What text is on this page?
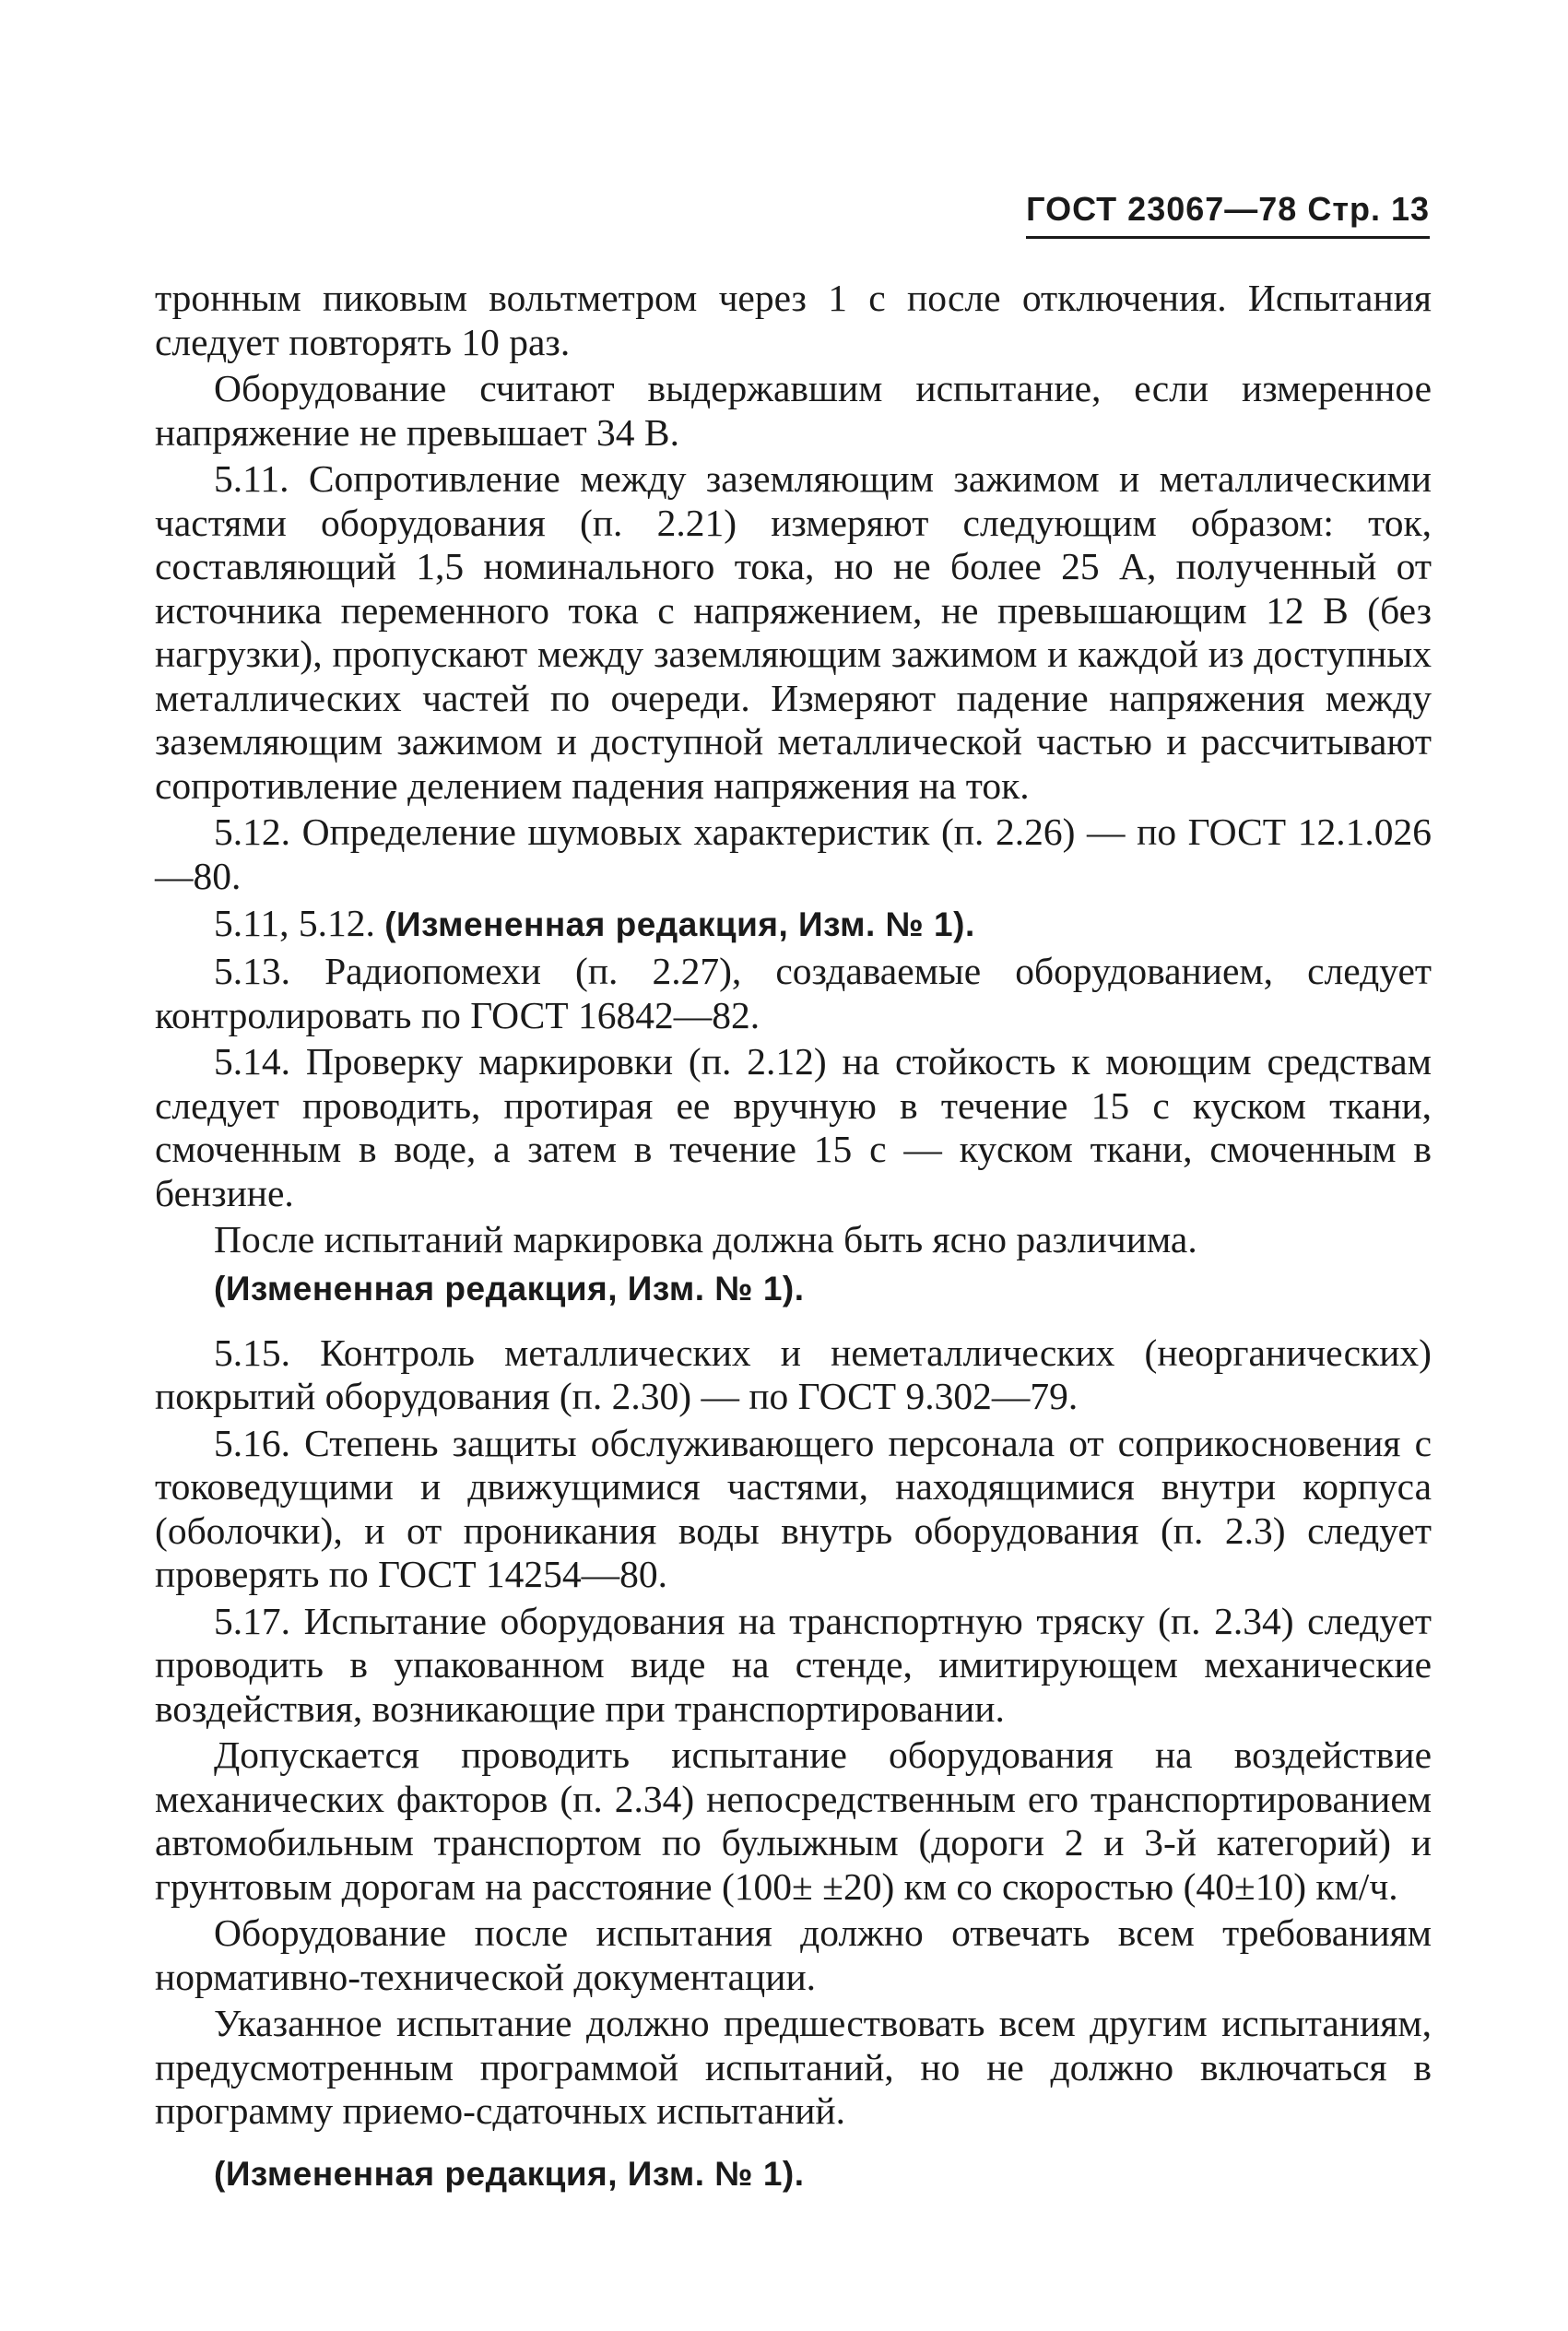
ГОСТ 23067—78 Стр. 13

тронным пиковым вольтметром через 1 с после отключения. Испытания следует повторять 10 раз.

Оборудование считают выдержавшим испытание, если измеренное напряжение не превышает 34 В.

5.11. Сопротивление между заземляющим зажимом и металлическими частями оборудования (п. 2.21) измеряют следующим образом: ток, составляющий 1,5 номинального тока, но не более 25 А, полученный от источника переменного тока с напряжением, не превышающим 12 В (без нагрузки), пропускают между заземляющим зажимом и каждой из доступных металлических частей по очереди. Измеряют падение напряжения между заземляющим зажимом и доступной металлической частью и рассчитывают сопротивление делением падения напряжения на ток.

5.12. Определение шумовых характеристик (п. 2.26) — по ГОСТ 12.1.026—80.

5.11, 5.12. (Измененная редакция, Изм. № 1).

5.13. Радиопомехи (п. 2.27), создаваемые оборудованием, следует контролировать по ГОСТ 16842—82.

5.14. Проверку маркировки (п. 2.12) на стойкость к моющим средствам следует проводить, протирая ее вручную в течение 15 с куском ткани, смоченным в воде, а затем в течение 15 с — куском ткани, смоченным в бензине.

После испытаний маркировка должна быть ясно различима.

(Измененная редакция, Изм. № 1).

5.15. Контроль металлических и неметаллических (неорганических) покрытий оборудования (п. 2.30) — по ГОСТ 9.302—79.

5.16. Степень защиты обслуживающего персонала от соприкосновения с токоведущими и движущимися частями, находящимися внутри корпуса (оболочки), и от проникания воды внутрь оборудования (п. 2.3) следует проверять по ГОСТ 14254—80.

5.17. Испытание оборудования на транспортную тряску (п. 2.34) следует проводить в упакованном виде на стенде, имитирующем механические воздействия, возникающие при транспортировании.

Допускается проводить испытание оборудования на воздействие механических факторов (п. 2.34) непосредственным его транспортированием автомобильным транспортом по булыжным (дороги 2 и 3-й категорий) и грунтовым дорогам на расстояние (100± ±20) км со скоростью (40±10) км/ч.

Оборудование после испытания должно отвечать всем требованиям нормативно-технической документации.

Указанное испытание должно предшествовать всем другим испытаниям, предусмотренным программой испытаний, но не должно включаться в программу приемо-сдаточных испытаний.

(Измененная редакция, Изм. № 1).
